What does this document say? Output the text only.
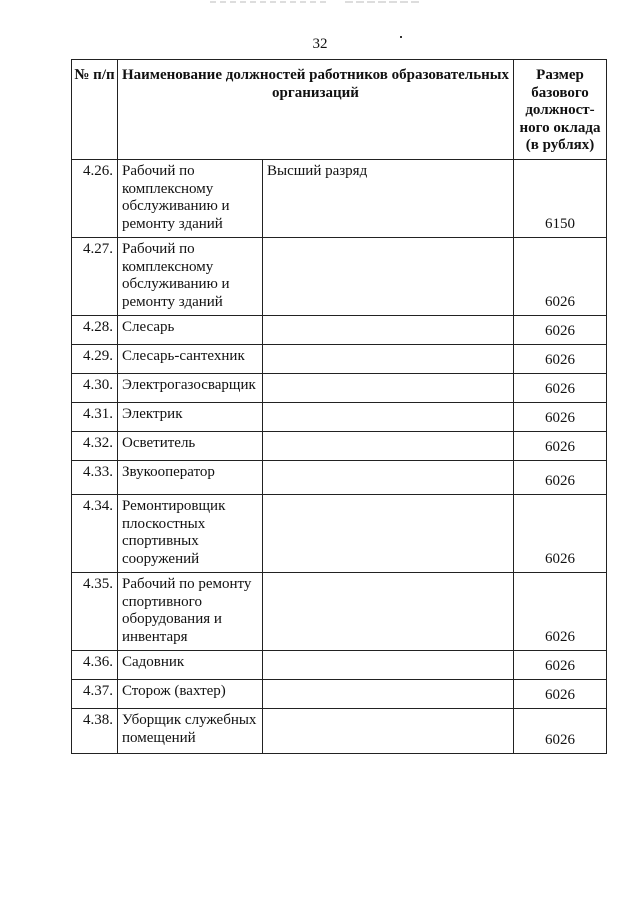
32
№ п/п	Наименование должностей работников образовательных организаций		Размер базового должност-ного оклада (в рублях)
4.26.	Рабочий по комплексному обслуживанию и ремонту зданий	Высший разряд	6150
4.27.	Рабочий по комплексному обслуживанию и ремонту зданий		6026
4.28.	Слесарь		6026
4.29.	Слесарь-сантехник		6026
4.30.	Электрогазосварщик		6026
4.31.	Электрик		6026
4.32.	Осветитель		6026
4.33.	Звукооператор		6026
4.34.	Ремонтировщик плоскостных спортивных сооружений		6026
4.35.	Рабочий по ремонту спортивного оборудования и инвентаря		6026
4.36.	Садовник		6026
4.37.	Сторож (вахтер)		6026
4.38.	Уборщик служебных помещений		6026
